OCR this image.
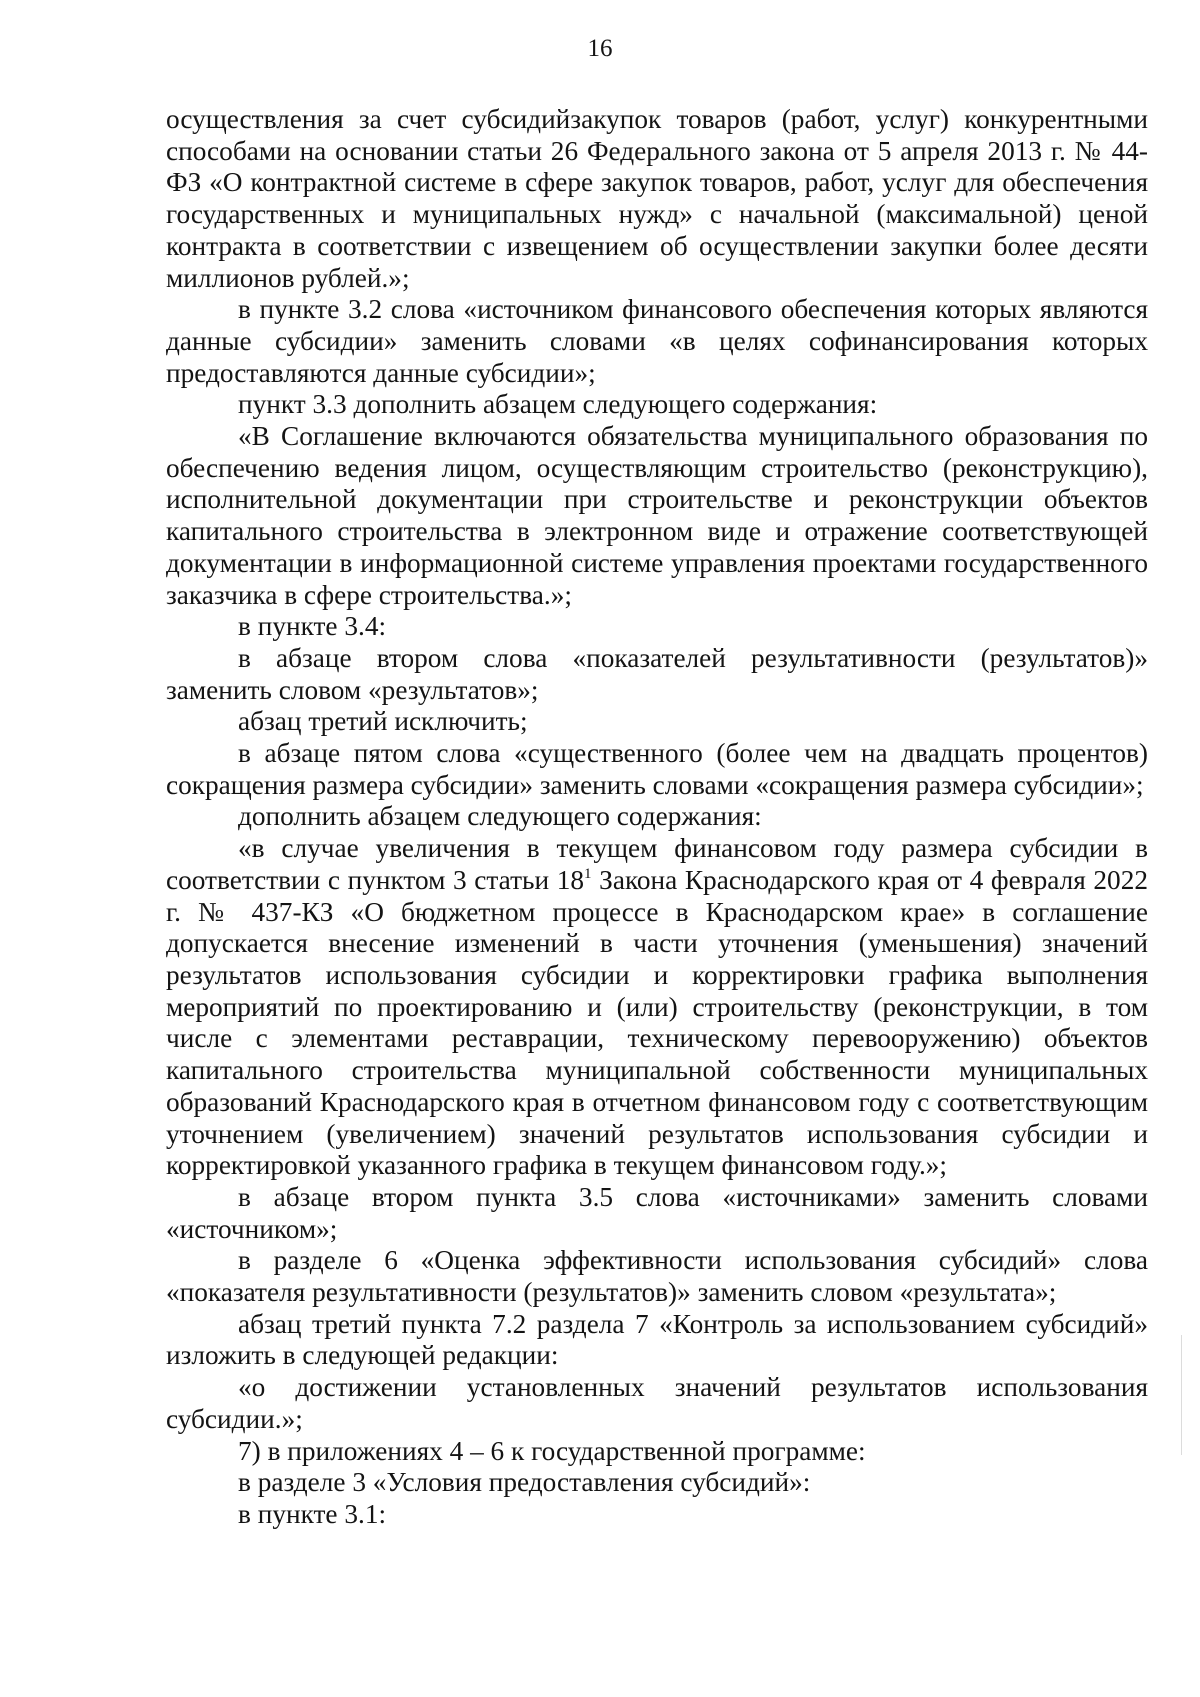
16

осуществления за счет субсидийзакупок товаров (работ, услуг) конкурентными способами на основании статьи 26 Федерального закона от 5 апреля 2013 г. № 44-ФЗ «О контрактной системе в сфере закупок товаров, работ, услуг для обеспечения государственных и муниципальных нужд» с начальной (максимальной) ценой контракта в соответствии с извещением об осуществлении закупки более десяти миллионов рублей.»;

в пункте 3.2 слова «источником финансового обеспечения которых являются данные субсидии» заменить словами «в целях софинансирования которых предоставляются данные субсидии»;

пункт 3.3 дополнить абзацем следующего содержания:

«В Соглашение включаются обязательства муниципального образования по обеспечению ведения лицом, осуществляющим строительство (реконструкцию), исполнительной документации при строительстве и реконструкции объектов капитального строительства в электронном виде и отражение соответствующей документации в информационной системе управления проектами государственного заказчика в сфере строительства.»;

в пункте 3.4:

в абзаце втором слова «показателей результативности (результатов)» заменить словом «результатов»;

абзац третий исключить;

в абзаце пятом слова «существенного (более чем на двадцать процентов) сокращения размера субсидии» заменить словами «сокращения размера субсидии»;

дополнить абзацем следующего содержания:

«в случае увеличения в текущем финансовом году размера субсидии в соответствии с пунктом 3 статьи $18^1$ Закона Краснодарского края от 4 февраля 2022 г. № 437-КЗ «О бюджетном процессе в Краснодарском крае» в соглашение допускается внесение изменений в части уточнения (уменьшения) значений результатов использования субсидии и корректировки графика выполнения мероприятий по проектированию и (или) строительству (реконструкции, в том числе с элементами реставрации, техническому перевооружению) объектов капитального строительства муниципальной собственности муниципальных образований Краснодарского края в отчетном финансовом году с соответствующим уточнением (увеличением) значений результатов использования субсидии и корректировкой указанного графика в текущем финансовом году.»;

в абзаце втором пункта 3.5 слова «источниками» заменить словами «источником»;

в разделе 6 «Оценка эффективности использования субсидий» слова «показателя результативности (результатов)» заменить словом «результата»;

абзац третий пункта 7.2 раздела 7 «Контроль за использованием субсидий» изложить в следующей редакции:

«о достижении установленных значений результатов использования субсидии.»;

7) в приложениях 4 – 6 к государственной программе:

в разделе 3 «Условия предоставления субсидий»:

в пункте 3.1:
